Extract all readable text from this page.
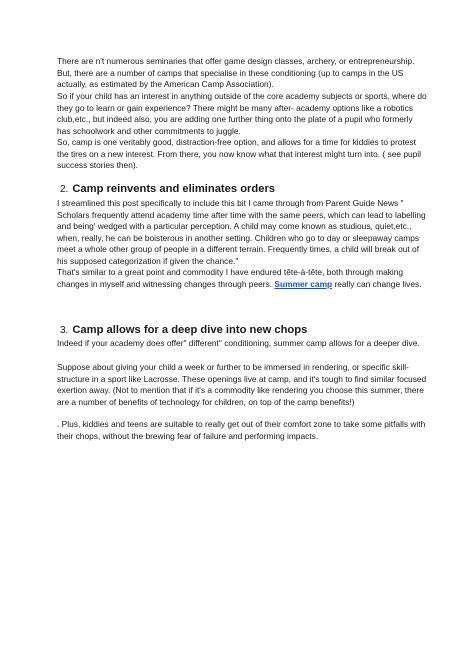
There are n't numerous seminaries that offer game design classes, archery, or entrepreneurship. But, there are a number of camps that specialise in these conditioning (up to camps in the US actually, as estimated by the American Camp Association).

So if your child has an interest in anything outside of the core academy subjects or sports, where do they go to learn or gain experience? There might be many after- academy options like a robotics club,etc., but indeed also, you are adding one further thing onto the plate of a pupil who formerly has schoolwork and other commitments to juggle.

So, camp is one veritably good, distraction-free option, and allows for a time for kiddies to protest the tires on a new interest. From there, you now know what that interest might turn into. ( see pupil success stories then).

2. Camp reinvents and eliminates orders

I streamlined this post specifically to include this bit I came through from Parent Guide News " Scholars frequently attend academy time after time with the same peers, which can lead to labelling and being' wedged with a particular perception. A child may come known as studious, quiet,etc., when, really, he can be boisterous in another setting. Children who go to day or sleepaway camps meet a whole other group of people in a different terrain. Frequently times, a child will break out of his supposed categorization if given the chance."

That's similar to a great point and commodity I have endured tête-à-tête, both through making changes in myself and witnessing changes through peers. Summer camp really can change lives.

3. Camp allows for a deep dive into new chops

Indeed if your academy does offer" different" conditioning, summer camp allows for a deeper dive.

Suppose about giving your child a week or further to be immersed in rendering, or specific skill- structure in a sport like Lacrosse. These openings live at camp, and it's tough to find similar focused exertion away. (Not to mention that if it's a commodity like rendering you choose this summer, there are a number of benefits of technology for children, on top of the camp benefits!)

. Plus, kiddies and teens are suitable to really get out of their comfort zone to take some pitfalls with their chops, without the brewing fear of failure and performing impacts.
